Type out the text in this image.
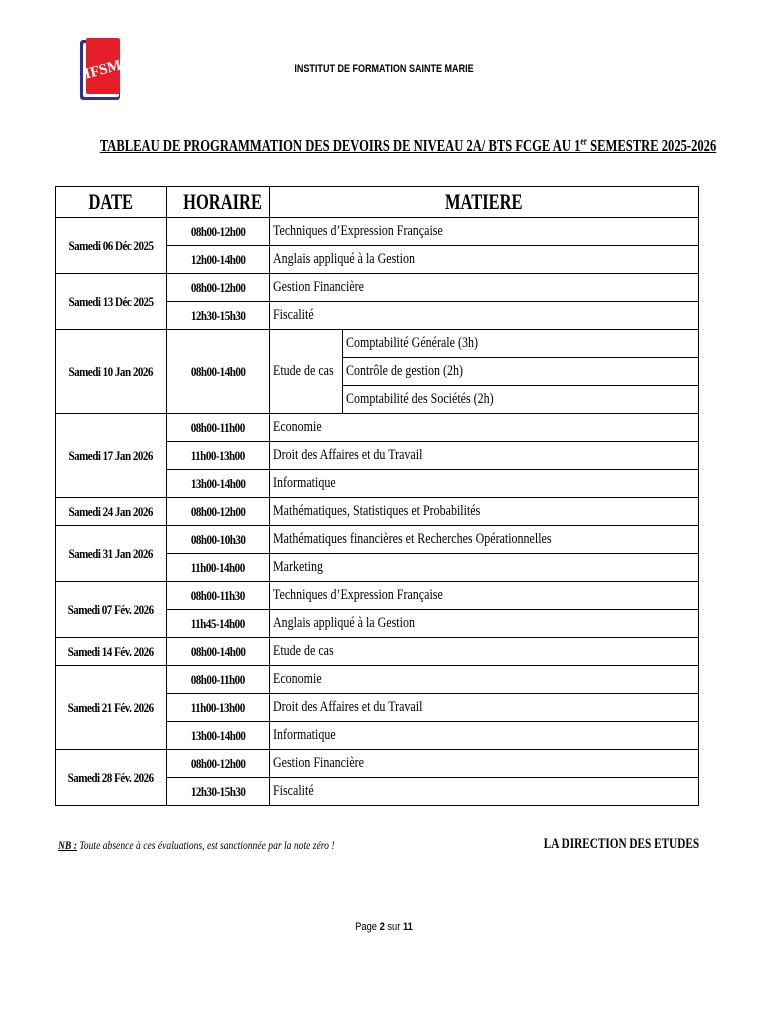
IFSM	INSTITUT DE FORMATION SAINTE MARIE
TABLEAU DE PROGRAMMATION DES DEVOIRS DE NIVEAU 2A/ BTS FCGE AU 1er SEMESTRE 2025-2026
DATE	HORAIRE	MATIERE	
Samedi 06 Déc 2025	08h00-12h00	Techniques d’Expression Française	
	12h00-14h00	Anglais appliqué à la Gestion	
Samedi 13 Déc 2025	08h00-12h00	Gestion Financière	
	12h30-15h30	Fiscalité	
Samedi 10 Jan 2026	08h00-14h00	Etude de cas	Comptabilité Générale (3h)
			Contrôle de gestion (2h)
			Comptabilité des Sociétés (2h)
Samedi 17 Jan 2026	08h00-11h00	Economie	
	11h00-13h00	Droit des Affaires et du Travail	
	13h00-14h00	Informatique	
Samedi 24 Jan 2026	08h00-12h00	Mathématiques, Statistiques et Probabilités	
Samedi 31 Jan 2026	08h00-10h30	Mathématiques financières et Recherches Opérationnelles	
	11h00-14h00	Marketing	
Samedi 07 Fév. 2026	08h00-11h30	Techniques d’Expression Française	
	11h45-14h00	Anglais appliqué à la Gestion	
Samedi 14 Fév. 2026	08h00-14h00	Etude de cas	
Samedi 21 Fév. 2026	08h00-11h00	Economie	
	11h00-13h00	Droit des Affaires et du Travail	
	13h00-14h00	Informatique	
Samedi 28 Fév. 2026	08h00-12h00	Gestion Financière	
	12h30-15h30	Fiscalité	
NB : Toute absence à ces évaluations, est sanctionnée par la note zéro !	LA DIRECTION DES ETUDES
Page 2 sur 11
